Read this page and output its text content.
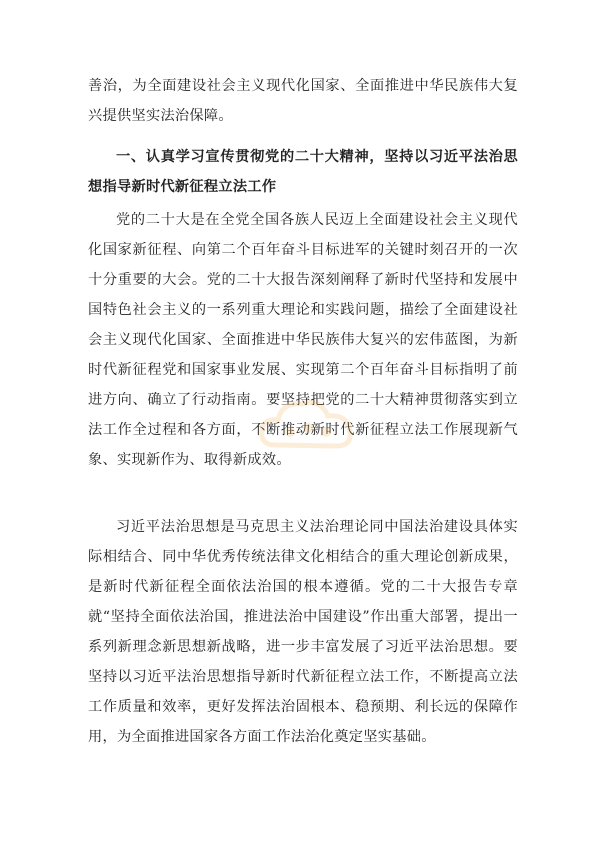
善治，为全面建设社会主义现代化国家、全面推进中华民族伟大复兴提供坚实法治保障。
一、认真学习宣传贯彻党的二十大精神，坚持以习近平法治思想指导新时代新征程立法工作
党的二十大是在全党全国各族人民迈上全面建设社会主义现代化国家新征程、向第二个百年奋斗目标进军的关键时刻召开的一次十分重要的大会。党的二十大报告深刻阐释了新时代坚持和发展中国特色社会主义的一系列重大理论和实践问题，描绘了全面建设社会主义现代化国家、全面推进中华民族伟大复兴的宏伟蓝图，为新时代新征程党和国家事业发展、实现第二个百年奋斗目标指明了前进方向、确立了行动指南。要坚持把党的二十大精神贯彻落实到立法工作全过程和各方面，不断推动新时代新征程立法工作展现新气象、实现新作为、取得新成效。
习近平法治思想是马克思主义法治理论同中国法治建设具体实际相结合、同中华优秀传统法律文化相结合的重大理论创新成果，是新时代新征程全面依法治国的根本遵循。党的二十大报告专章就“坚持全面依法治国，推进法治中国建设”作出重大部署，提出一系列新理念新思想新战略，进一步丰富发展了习近平法治思想。要坚持以习近平法治思想指导新时代新征程立法工作，不断提高立法工作质量和效率，更好发挥法治固根本、稳预期、利长远的保障作用，为全面推进国家各方面工作法治化奠定坚实基础。
